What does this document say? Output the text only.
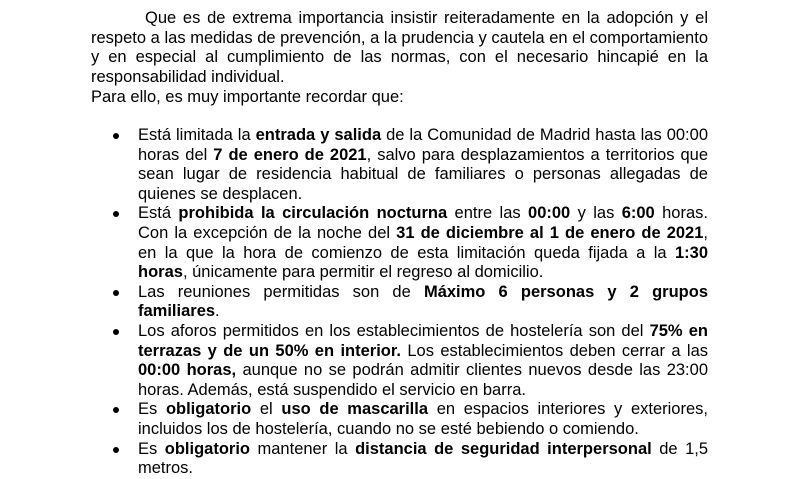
Que es de extrema importancia insistir reiteradamente en la adopción y el respeto a las medidas de prevención, a la prudencia y cautela en el comportamiento y en especial al cumplimiento de las normas, con el necesario hincapié en la responsabilidad individual.

Para ello, es muy importante recordar que:

Está limitada la entrada y salida de la Comunidad de Madrid hasta las 00:00 horas del 7 de enero de 2021, salvo para desplazamientos a territorios que sean lugar de residencia habitual de familiares o personas allegadas de quienes se desplacen.
Está prohibida la circulación nocturna entre las 00:00 y las 6:00 horas. Con la excepción de la noche del 31 de diciembre al 1 de enero de 2021, en la que la hora de comienzo de esta limitación queda fijada a la 1:30 horas, únicamente para permitir el regreso al domicilio.
Las reuniones permitidas son de Máximo 6 personas y 2 grupos familiares.
Los aforos permitidos en los establecimientos de hostelería son del 75% en terrazas y de un 50% en interior. Los establecimientos deben cerrar a las 00:00 horas, aunque no se podrán admitir clientes nuevos desde las 23:00 horas. Además, está suspendido el servicio en barra.
Es obligatorio el uso de mascarilla en espacios interiores y exteriores, incluidos los de hostelería, cuando no se esté bebiendo o comiendo.
Es obligatorio mantener la distancia de seguridad interpersonal de 1,5 metros.
